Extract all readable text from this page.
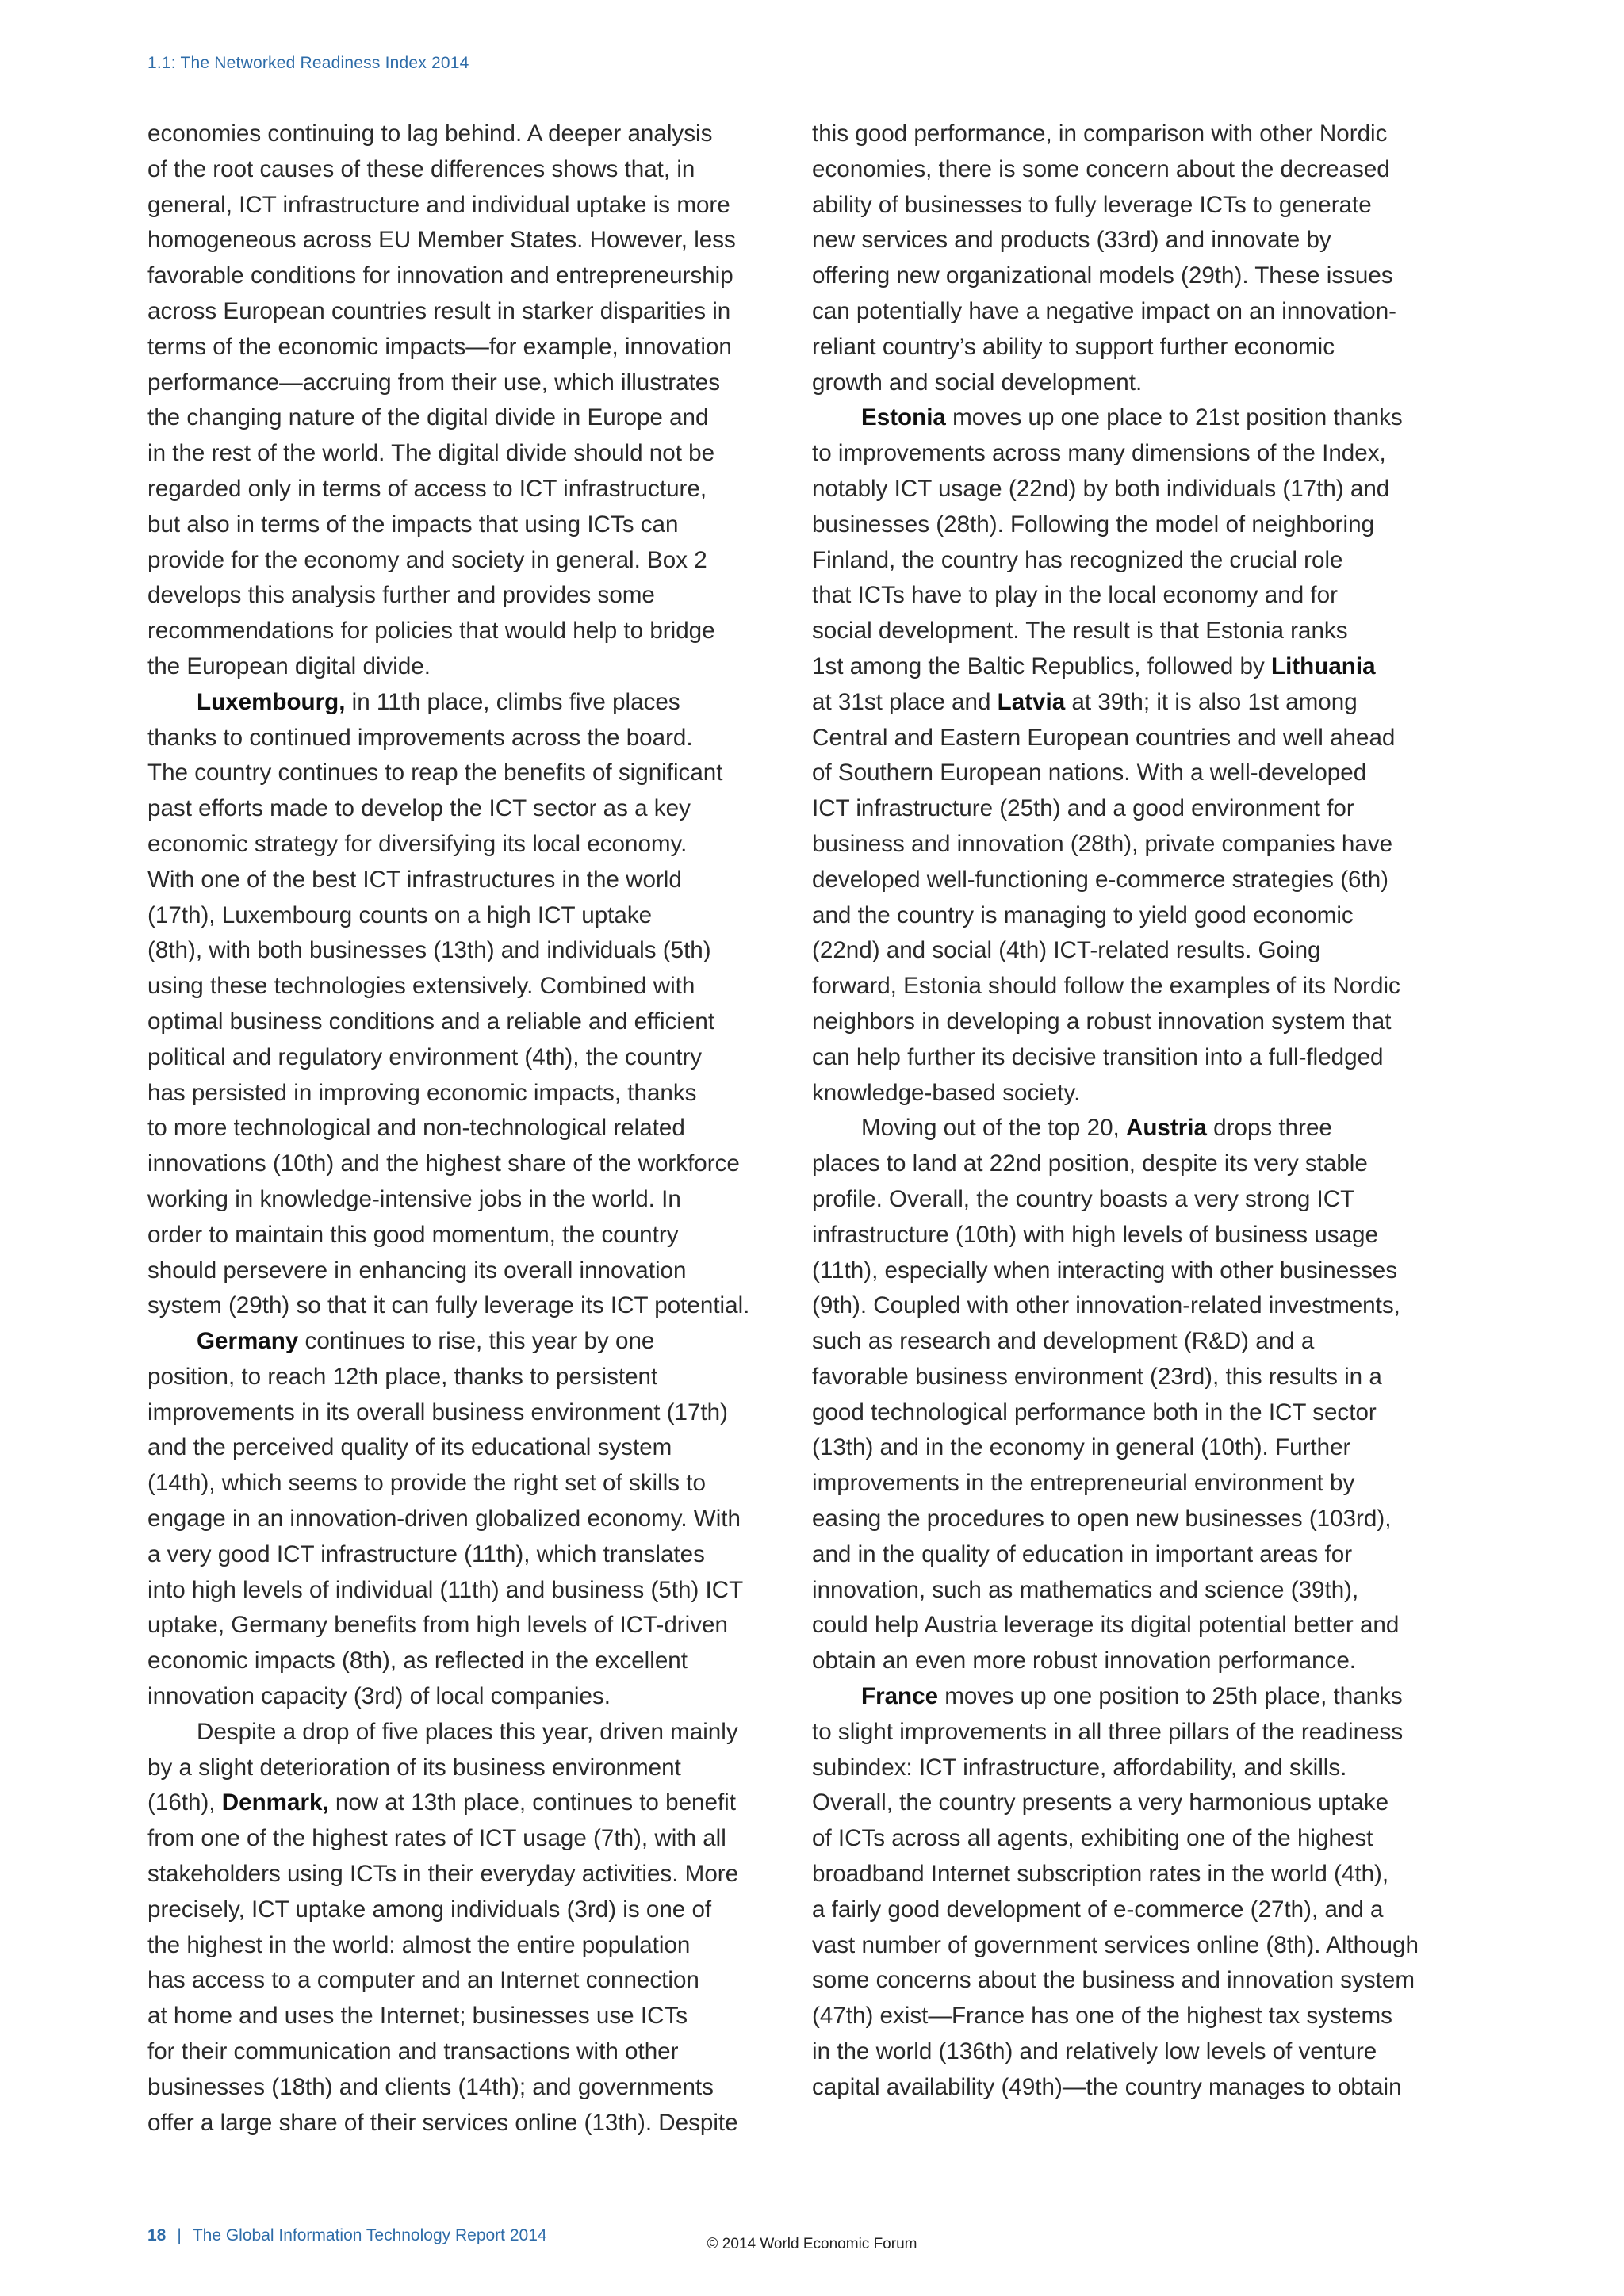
1.1: The Networked Readiness Index 2014

economies continuing to lag behind. A deeper analysis

of the root causes of these differences shows that, in

general, ICT infrastructure and individual uptake is more

homogeneous across EU Member States. However, less

favorable conditions for innovation and entrepreneurship

across European countries result in starker disparities in

terms of the economic impacts—for example, innovation

performance—accruing from their use, which illustrates

the changing nature of the digital divide in Europe and

in the rest of the world. The digital divide should not be

regarded only in terms of access to ICT infrastructure,

but also in terms of the impacts that using ICTs can

provide for the economy and society in general. Box 2

develops this analysis further and provides some

recommendations for policies that would help to bridge

the European digital divide.

Luxembourg, in 11th place, climbs five places

thanks to continued improvements across the board.

The country continues to reap the benefits of significant

past efforts made to develop the ICT sector as a key

economic strategy for diversifying its local economy.

With one of the best ICT infrastructures in the world

(17th), Luxembourg counts on a high ICT uptake

(8th), with both businesses (13th) and individuals (5th)

using these technologies extensively. Combined with

optimal business conditions and a reliable and efficient

political and regulatory environment (4th), the country

has persisted in improving economic impacts, thanks

to more technological and non-technological related

innovations (10th) and the highest share of the workforce

working in knowledge-intensive jobs in the world. In

order to maintain this good momentum, the country

should persevere in enhancing its overall innovation

system (29th) so that it can fully leverage its ICT potential.

Germany continues to rise, this year by one

position, to reach 12th place, thanks to persistent

improvements in its overall business environment (17th)

and the perceived quality of its educational system

(14th), which seems to provide the right set of skills to

engage in an innovation-driven globalized economy. With

a very good ICT infrastructure (11th), which translates

into high levels of individual (11th) and business (5th) ICT

uptake, Germany benefits from high levels of ICT-driven

economic impacts (8th), as reflected in the excellent

innovation capacity (3rd) of local companies.

Despite a drop of five places this year, driven mainly

by a slight deterioration of its business environment

(16th), Denmark, now at 13th place, continues to benefit

from one of the highest rates of ICT usage (7th), with all

stakeholders using ICTs in their everyday activities. More

precisely, ICT uptake among individuals (3rd) is one of

the highest in the world: almost the entire population

has access to a computer and an Internet connection

at home and uses the Internet; businesses use ICTs

for their communication and transactions with other

businesses (18th) and clients (14th); and governments

offer a large share of their services online (13th). Despite

this good performance, in comparison with other Nordic

economies, there is some concern about the decreased

ability of businesses to fully leverage ICTs to generate

new services and products (33rd) and innovate by

offering new organizational models (29th). These issues

can potentially have a negative impact on an innovation-

reliant country’s ability to support further economic

growth and social development.

Estonia moves up one place to 21st position thanks

to improvements across many dimensions of the Index,

notably ICT usage (22nd) by both individuals (17th) and

businesses (28th). Following the model of neighboring

Finland, the country has recognized the crucial role

that ICTs have to play in the local economy and for

social development. The result is that Estonia ranks

1st among the Baltic Republics, followed by Lithuania

at 31st place and Latvia at 39th; it is also 1st among

Central and Eastern European countries and well ahead

of Southern European nations. With a well-developed

ICT infrastructure (25th) and a good environment for

business and innovation (28th), private companies have

developed well-functioning e-commerce strategies (6th)

and the country is managing to yield good economic

(22nd) and social (4th) ICT-related results. Going

forward, Estonia should follow the examples of its Nordic

neighbors in developing a robust innovation system that

can help further its decisive transition into a full-fledged

knowledge-based society.

Moving out of the top 20, Austria drops three

places to land at 22nd position, despite its very stable

profile. Overall, the country boasts a very strong ICT

infrastructure (10th) with high levels of business usage

(11th), especially when interacting with other businesses

(9th). Coupled with other innovation-related investments,

such as research and development (R&D) and a

favorable business environment (23rd), this results in a

good technological performance both in the ICT sector

(13th) and in the economy in general (10th). Further

improvements in the entrepreneurial environment by

easing the procedures to open new businesses (103rd),

and in the quality of education in important areas for

innovation, such as mathematics and science (39th),

could help Austria leverage its digital potential better and

obtain an even more robust innovation performance.

France moves up one position to 25th place, thanks

to slight improvements in all three pillars of the readiness

subindex: ICT infrastructure, affordability, and skills.

Overall, the country presents a very harmonious uptake

of ICTs across all agents, exhibiting one of the highest

broadband Internet subscription rates in the world (4th),

a fairly good development of e-commerce (27th), and a

vast number of government services online (8th). Although

some concerns about the business and innovation system

(47th) exist—France has one of the highest tax systems

in the world (136th) and relatively low levels of venture

capital availability (49th)—the country manages to obtain

18 | The Global Information Technology Report 2014	© 2014 World Economic Forum
